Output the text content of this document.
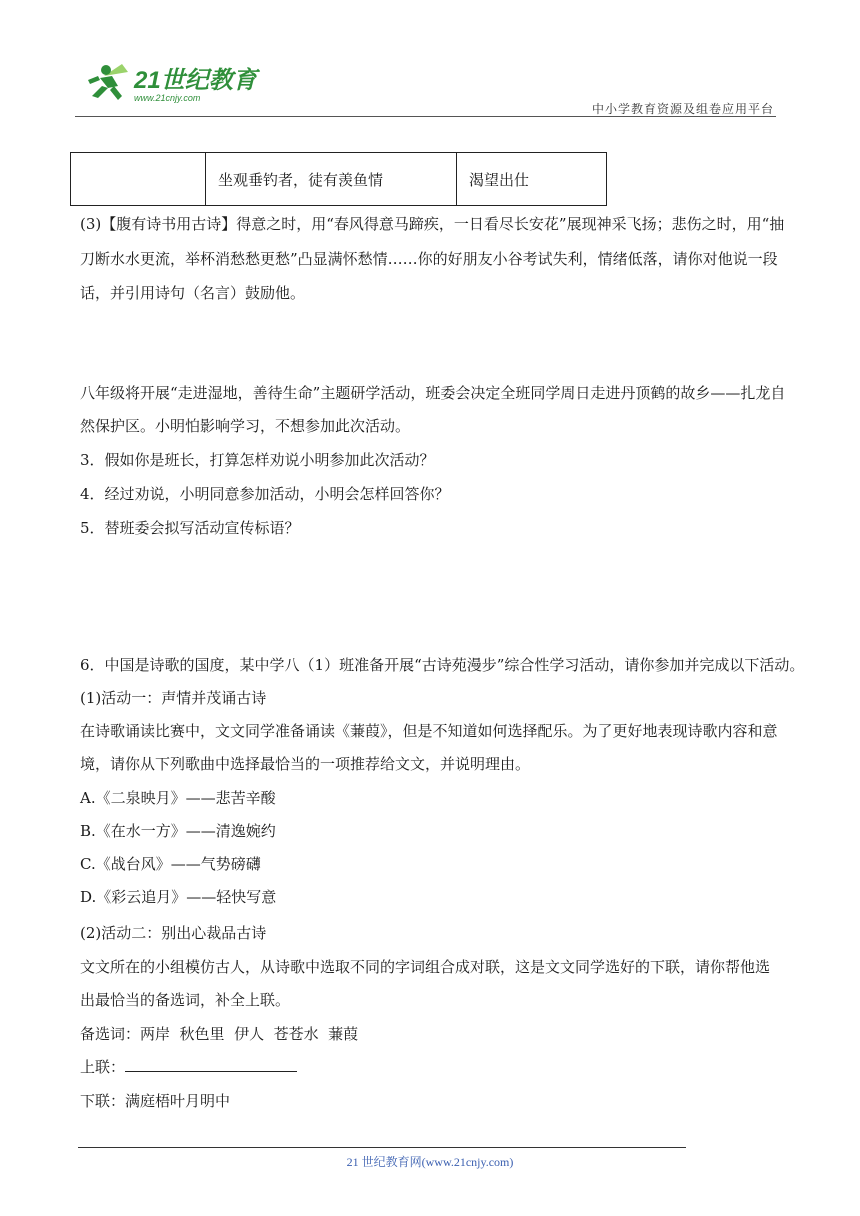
21世纪教育
www.21cnjy.com
中小学教育资源及组卷应用平台
	坐观垂钓者，徒有羡鱼情	渴望出仕

(3)【腹有诗书用古诗】得意之时，用“春风得意马蹄疾，一日看尽长安花”展现神采飞扬；悲伤之时，用“抽

刀断水水更流，举杯消愁愁更愁”凸显满怀愁情……你的好朋友小谷考试失利，情绪低落，请你对他说一段

话，并引用诗句（名言）鼓励他。

八年级将开展“走进湿地，善待生命”主题研学活动，班委会决定全班同学周日走进丹顶鹤的故乡——扎龙自

然保护区。小明怕影响学习，不想参加此次活动。

3．假如你是班长，打算怎样劝说小明参加此次活动？

4．经过劝说，小明同意参加活动，小明会怎样回答你？

5．替班委会拟写活动宣传标语？

6．中国是诗歌的国度，某中学八（1）班准备开展“古诗苑漫步”综合性学习活动，请你参加并完成以下活动。

(1)活动一：声情并茂诵古诗

在诗歌诵读比赛中，文文同学准备诵读《蒹葭》，但是不知道如何选择配乐。为了更好地表现诗歌内容和意

境，请你从下列歌曲中选择最恰当的一项推荐给文文，并说明理由。

A.《二泉映月》——悲苦辛酸

B.《在水一方》——清逸婉约

C.《战台风》——气势磅礴

D.《彩云追月》——轻快写意

(2)活动二：别出心裁品古诗

文文所在的小组模仿古人，从诗歌中选取不同的字词组合成对联，这是文文同学选好的下联，请你帮他选

出最恰当的备选词，补全上联。

备选词：两岸  秋色里  伊人  苍苍水  蒹葭

上联：

下联：满庭梧叶月明中

21 世纪教育网(www.21cnjy.com)
